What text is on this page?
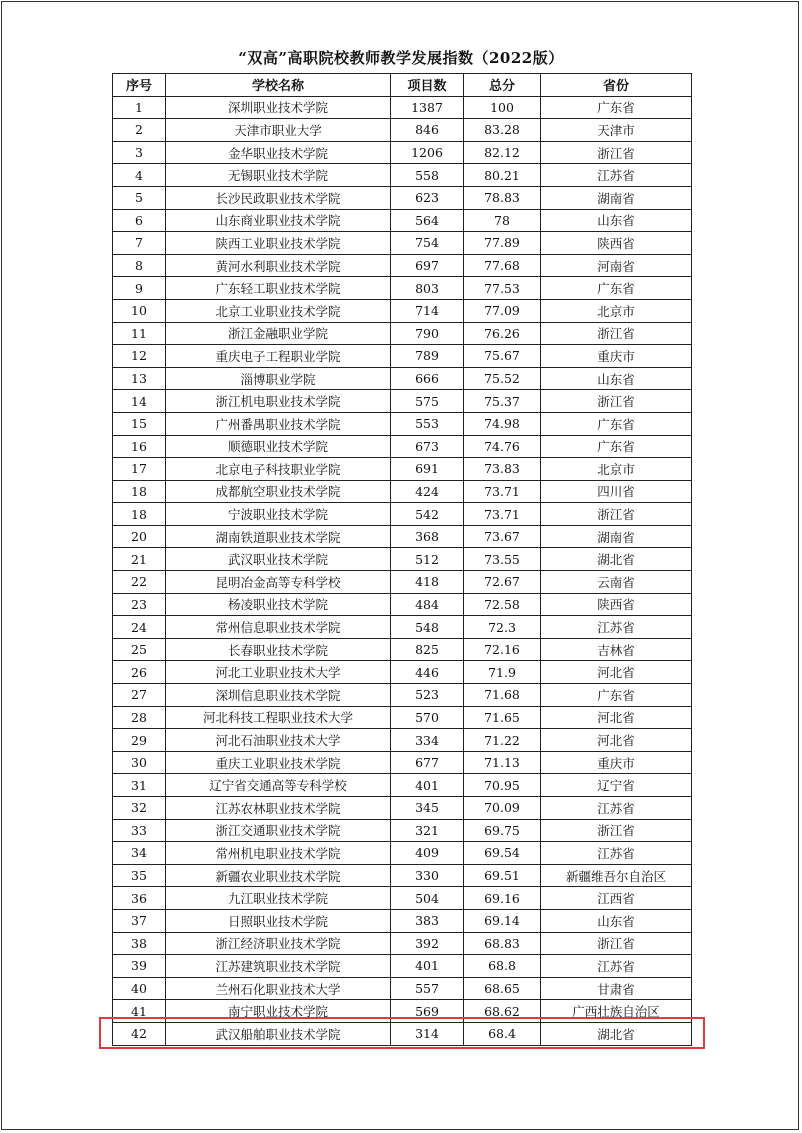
“双高”高职院校教师教学发展指数（2022版）
序号	学校名称	项目数	总分	省份
1	深圳职业技术学院	1387	100	广东省
2	天津市职业大学	846	83.28	天津市
3	金华职业技术学院	1206	82.12	浙江省
4	无锡职业技术学院	558	80.21	江苏省
5	长沙民政职业技术学院	623	78.83	湖南省
6	山东商业职业技术学院	564	78	山东省
7	陕西工业职业技术学院	754	77.89	陕西省
8	黄河水利职业技术学院	697	77.68	河南省
9	广东轻工职业技术学院	803	77.53	广东省
10	北京工业职业技术学院	714	77.09	北京市
11	浙江金融职业学院	790	76.26	浙江省
12	重庆电子工程职业学院	789	75.67	重庆市
13	淄博职业学院	666	75.52	山东省
14	浙江机电职业技术学院	575	75.37	浙江省
15	广州番禺职业技术学院	553	74.98	广东省
16	顺德职业技术学院	673	74.76	广东省
17	北京电子科技职业学院	691	73.83	北京市
18	成都航空职业技术学院	424	73.71	四川省
18	宁波职业技术学院	542	73.71	浙江省
20	湖南铁道职业技术学院	368	73.67	湖南省
21	武汉职业技术学院	512	73.55	湖北省
22	昆明冶金高等专科学校	418	72.67	云南省
23	杨凌职业技术学院	484	72.58	陕西省
24	常州信息职业技术学院	548	72.3	江苏省
25	长春职业技术学院	825	72.16	吉林省
26	河北工业职业技术大学	446	71.9	河北省
27	深圳信息职业技术学院	523	71.68	广东省
28	河北科技工程职业技术大学	570	71.65	河北省
29	河北石油职业技术大学	334	71.22	河北省
30	重庆工业职业技术学院	677	71.13	重庆市
31	辽宁省交通高等专科学校	401	70.95	辽宁省
32	江苏农林职业技术学院	345	70.09	江苏省
33	浙江交通职业技术学院	321	69.75	浙江省
34	常州机电职业技术学院	409	69.54	江苏省
35	新疆农业职业技术学院	330	69.51	新疆维吾尔自治区
36	九江职业技术学院	504	69.16	江西省
37	日照职业技术学院	383	69.14	山东省
38	浙江经济职业技术学院	392	68.83	浙江省
39	江苏建筑职业技术学院	401	68.8	江苏省
40	兰州石化职业技术大学	557	68.65	甘肃省
41	南宁职业技术学院	569	68.62	广西壮族自治区
42	武汉船舶职业技术学院	314	68.4	湖北省
